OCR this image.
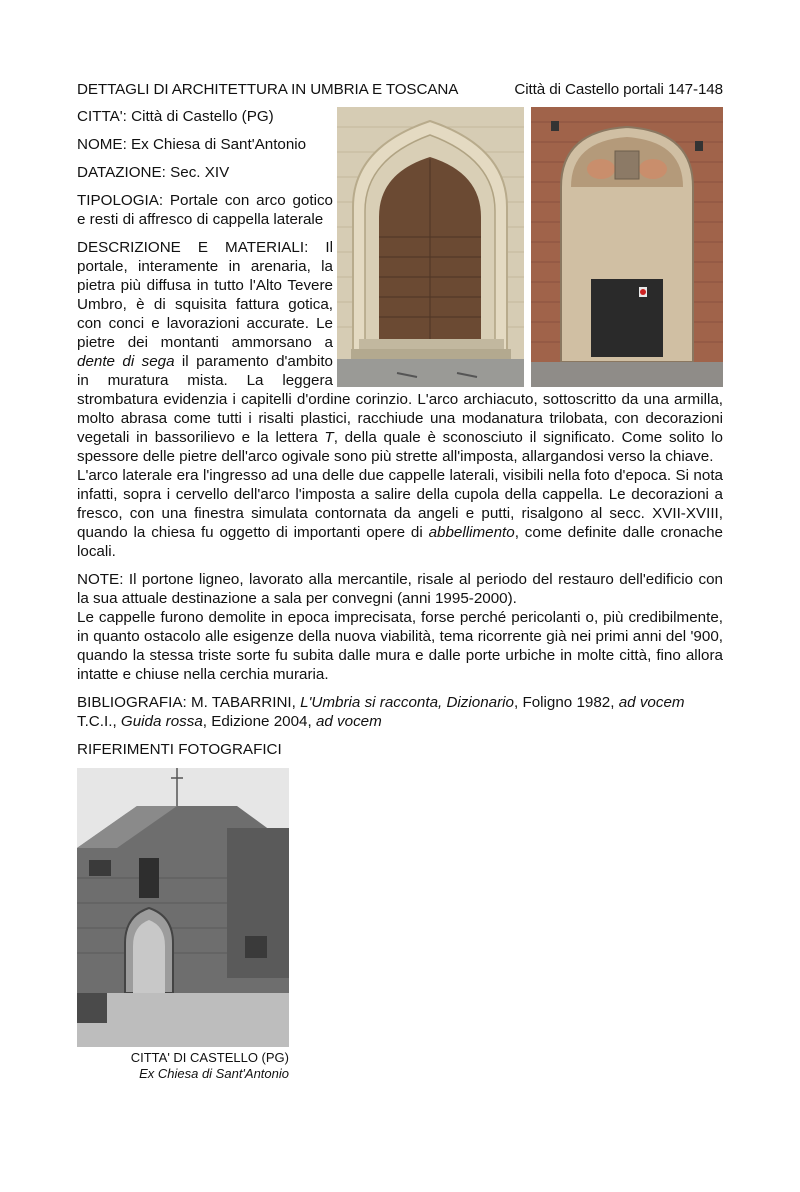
DETTAGLI DI ARCHITETTURA IN UMBRIA E TOSCANA	Città di Castello portali 147-148

CITTA': Città di Castello (PG)

NOME: Ex Chiesa di Sant'Antonio

DATAZIONE: Sec. XIV

TIPOLOGIA: Portale con arco gotico e resti di affresco di cappella laterale

DESCRIZIONE E MATERIALI: Il portale, interamente in arenaria, la pietra più diffusa in tutto l'Alto Tevere Umbro, è di squisita fattura gotica, con conci e lavorazioni accurate. Le pietre dei montanti ammorsano a dente di sega il paramento d'ambito in muratura mista. La leggera strombatura evidenzia i capitelli d'ordine corinzio. L'arco archiacuto, sottoscritto da una armilla, molto abrasa come tutti i risalti plastici, racchiude una modanatura trilobata, con decorazioni vegetali in bassorilievo e la lettera T, della quale è sconosciuto il significato. Come solito lo spessore delle pietre dell'arco ogivale sono più strette all'imposta, allargandosi verso la chiave.

L'arco laterale era l'ingresso ad una delle due cappelle laterali, visibili nella foto d'epoca. Si nota infatti, sopra i cervello dell'arco l'imposta a salire della cupola della cappella. Le decorazioni a fresco, con una finestra simulata contornata da angeli e putti, risalgono al secc. XVII-XVIII, quando la chiesa fu oggetto di importanti opere di abbellimento, come definite dalle cronache locali.

NOTE: Il portone ligneo, lavorato alla mercantile, risale al periodo del restauro dell'edificio con la sua attuale destinazione a sala per convegni (anni 1995-2000).

Le cappelle furono demolite in epoca imprecisata, forse perché pericolanti o, più credibilmente, in quanto ostacolo alle esigenze della nuova viabilità, tema ricorrente già nei primi anni del '900, quando la stessa triste sorte fu subita dalle mura e dalle porte urbiche in molte città, fino allora intatte e chiuse nella cerchia muraria.

BIBLIOGRAFIA: M. TABARRINI, L'Umbria si racconta, Dizionario, Foligno 1982, ad vocem

T.C.I., Guida rossa, Edizione 2004, ad vocem

RIFERIMENTI FOTOGRAFICI

CITTA' DI CASTELLO (PG)
Ex Chiesa di Sant'Antonio
